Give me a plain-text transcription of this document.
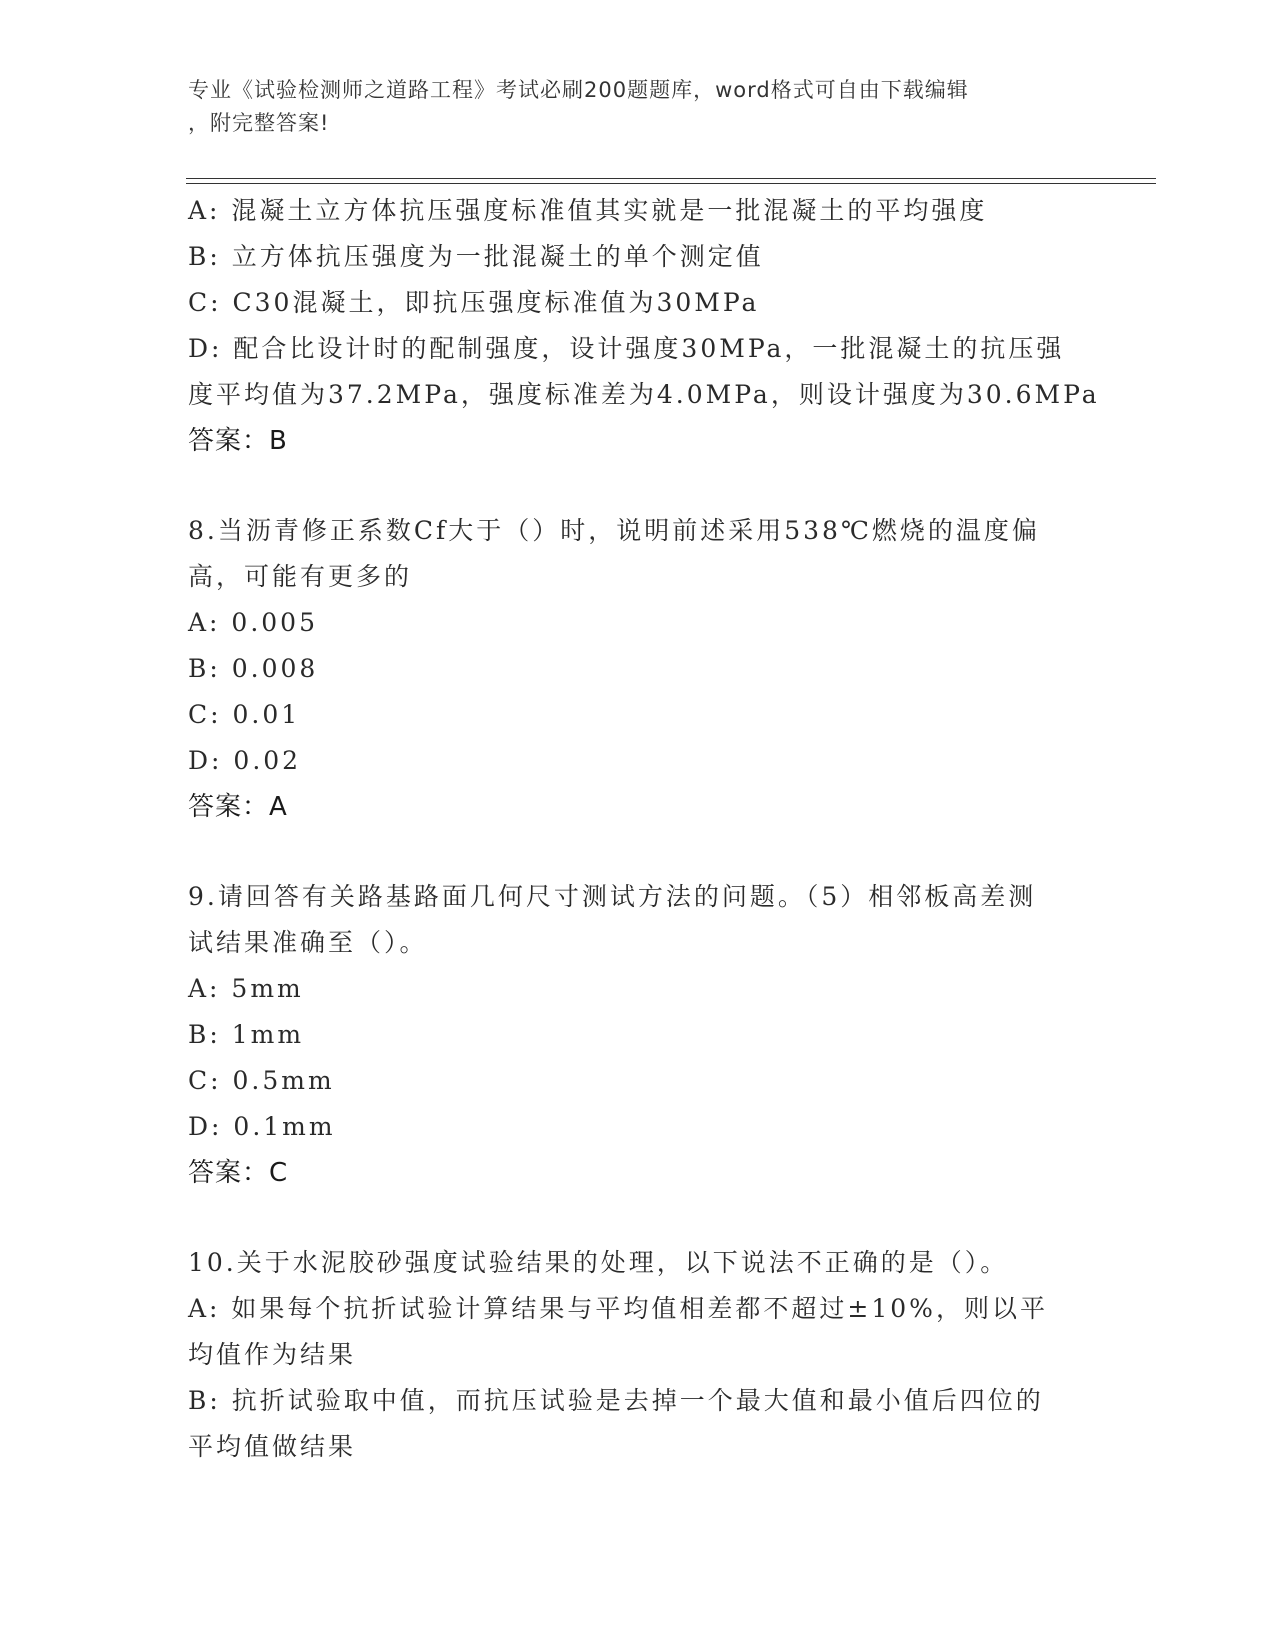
专业《试验检测师之道路工程》考试必刷200题题库，word格式可自由下载编辑
，附完整答案!
A: 混凝土立方体抗压强度标准值其实就是一批混凝土的平均强度
B: 立方体抗压强度为一批混凝土的单个测定值
C: C30混凝土，即抗压强度标准值为30MPa
D: 配合比设计时的配制强度，设计强度30MPa，一批混凝土的抗压强
度平均值为37.2MPa，强度标准差为4.0MPa，则设计强度为30.6MPa
答案：B
8.当沥青修正系数Cf大于（）时，说明前述采用538℃燃烧的温度偏
高，可能有更多的
A: 0.005
B: 0.008
C: 0.01
D: 0.02
答案：A
9.请回答有关路基路面几何尺寸测试方法的问题。（5）相邻板高差测
试结果准确至（）。
A: 5mm
B: 1mm
C: 0.5mm
D: 0.1mm
答案：C
10.关于水泥胶砂强度试验结果的处理，以下说法不正确的是（）。
A: 如果每个抗折试验计算结果与平均值相差都不超过±10%，则以平
均值作为结果
B: 抗折试验取中值，而抗压试验是去掉一个最大值和最小值后四位的
平均值做结果
